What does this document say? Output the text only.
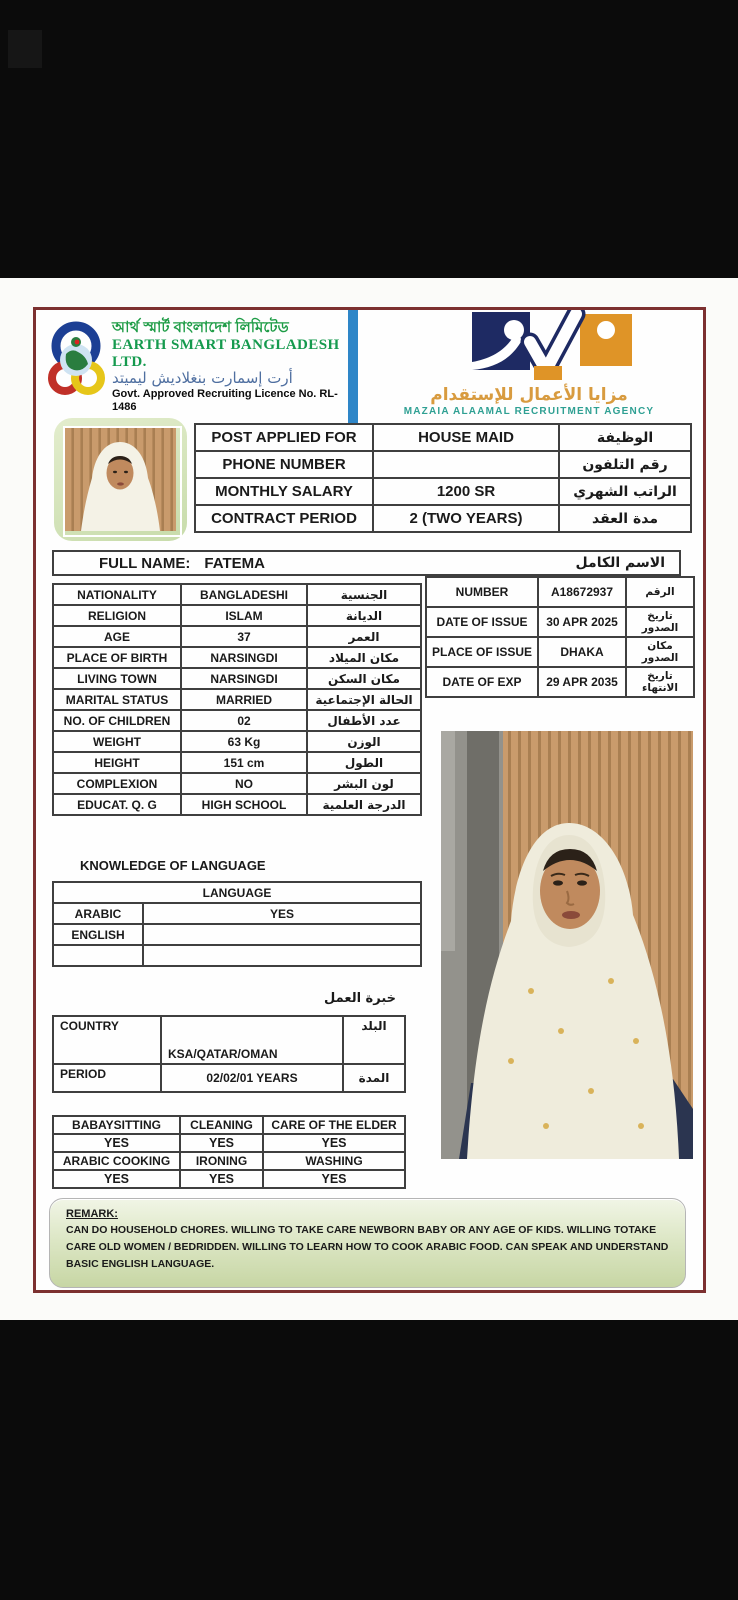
আর্থ স্মার্ট বাংলাদেশ লিমিটেড
EARTH SMART BANGLADESH LTD.
أرت إسمارت بنغلاديش ليميتد
Govt. Approved Recruiting Licence No. RL-1486
مزايا الأعمال للإستقدام
MAZAIA ALAAMAL RECRUITMENT AGENCY
POST APPLIED FOR	HOUSE MAID	الوظيفة
PHONE NUMBER		رقم التلفون
MONTHLY SALARY	1200 SR	الراتب الشهري
CONTRACT PERIOD	2 (TWO YEARS)	مدة العقد
FULL NAME: FATEMA	الاسم الكامل
NATIONALITY	BANGLADESHI	الجنسية
RELIGION	ISLAM	الديانة
AGE	37	العمر
PLACE OF BIRTH	NARSINGDI	مكان الميلاد
LIVING TOWN	NARSINGDI	مكان السكن
MARITAL STATUS	MARRIED	الحالة الإجتماعية
NO. OF CHILDREN	02	عدد الأطفال
WEIGHT	63 Kg	الوزن
HEIGHT	151 cm	الطول
COMPLEXION	NO	لون البشر
EDUCAT. Q. G	HIGH SCHOOL	الدرجة العلمية
NUMBER	A18672937	الرقم
DATE OF ISSUE	30 APR 2025	تاريخ الصدور
PLACE OF ISSUE	DHAKA	مكان الصدور
DATE OF EXP	29 APR 2035	تاريخ الانتهاء
KNOWLEDGE OF LANGUAGE
LANGUAGE	
ARABIC	YES
ENGLISH	

خبرة العمل
COUNTRY	KSA/QATAR/OMAN	البلد
PERIOD	02/02/01 YEARS	المدة
BABAYSITTING	CLEANING	CARE OF THE ELDER
YES	YES	YES
ARABIC COOKING	IRONING	WASHING
YES	YES	YES
REMARK:
CAN DO HOUSEHOLD CHORES. WILLING TO TAKE CARE NEWBORN BABY OR ANY AGE OF KIDS. WILLING TOTAKE CARE OLD WOMEN / BEDRIDDEN. WILLING TO LEARN HOW TO COOK ARABIC FOOD. CAN SPEAK AND UNDERSTAND BASIC ENGLISH LANGUAGE.
